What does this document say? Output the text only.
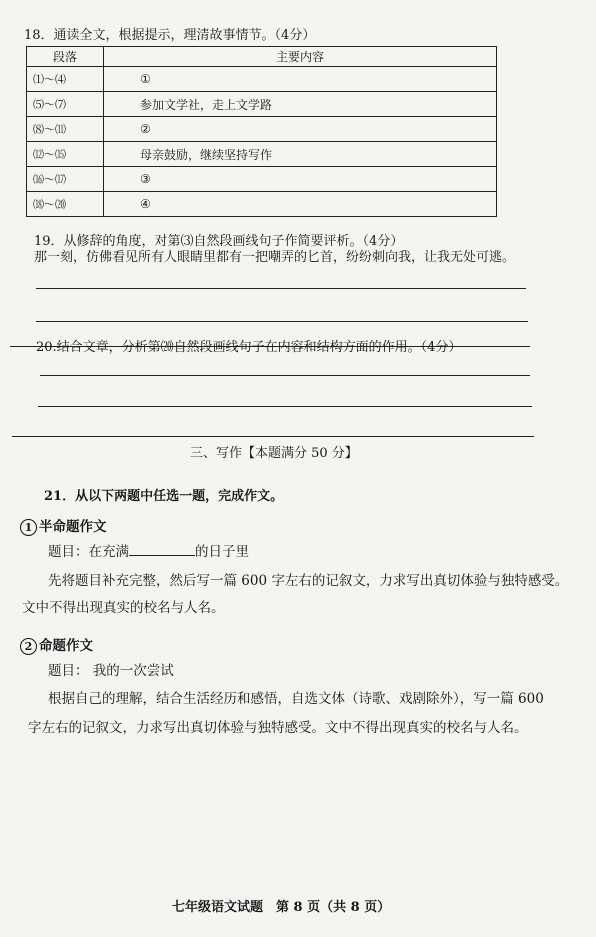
18．通读全文，根据提示，理清故事情节。（4分）
段落	主要内容
⑴～⑷	①
⑸～⑺	参加文学社，走上文学路
⑻～⑾	②
⑿～⒂	母亲鼓励，继续坚持写作
⒃～⒄	③
⒅～⒇	④
19．从修辞的角度，对第⑶自然段画线句子作简要评析。（4分）
那一刻，仿佛看见所有人眼睛里都有一把嘲弄的匕首，纷纷刺向我，让我无处可逃。
20.结合文章，分析第⒇自然段画线句子在内容和结构方面的作用。（4分）
三、写作【本题满分 50 分】
21．从以下两题中任选一题，完成作文。
1 半命题作文
题目：在充满	的日子里
先将题目补充完整，然后写一篇 600 字左右的记叙文，力求写出真切体验与独特感受。
文中不得出现真实的校名与人名。
2 命题作文
题目： 我的一次尝试
根据自己的理解，结合生活经历和感悟，自选文体（诗歌、戏剧除外），写一篇 600
字左右的记叙文，力求写出真切体验与独特感受。文中不得出现真实的校名与人名。
七年级语文试题　第 8 页（共 8 页）
